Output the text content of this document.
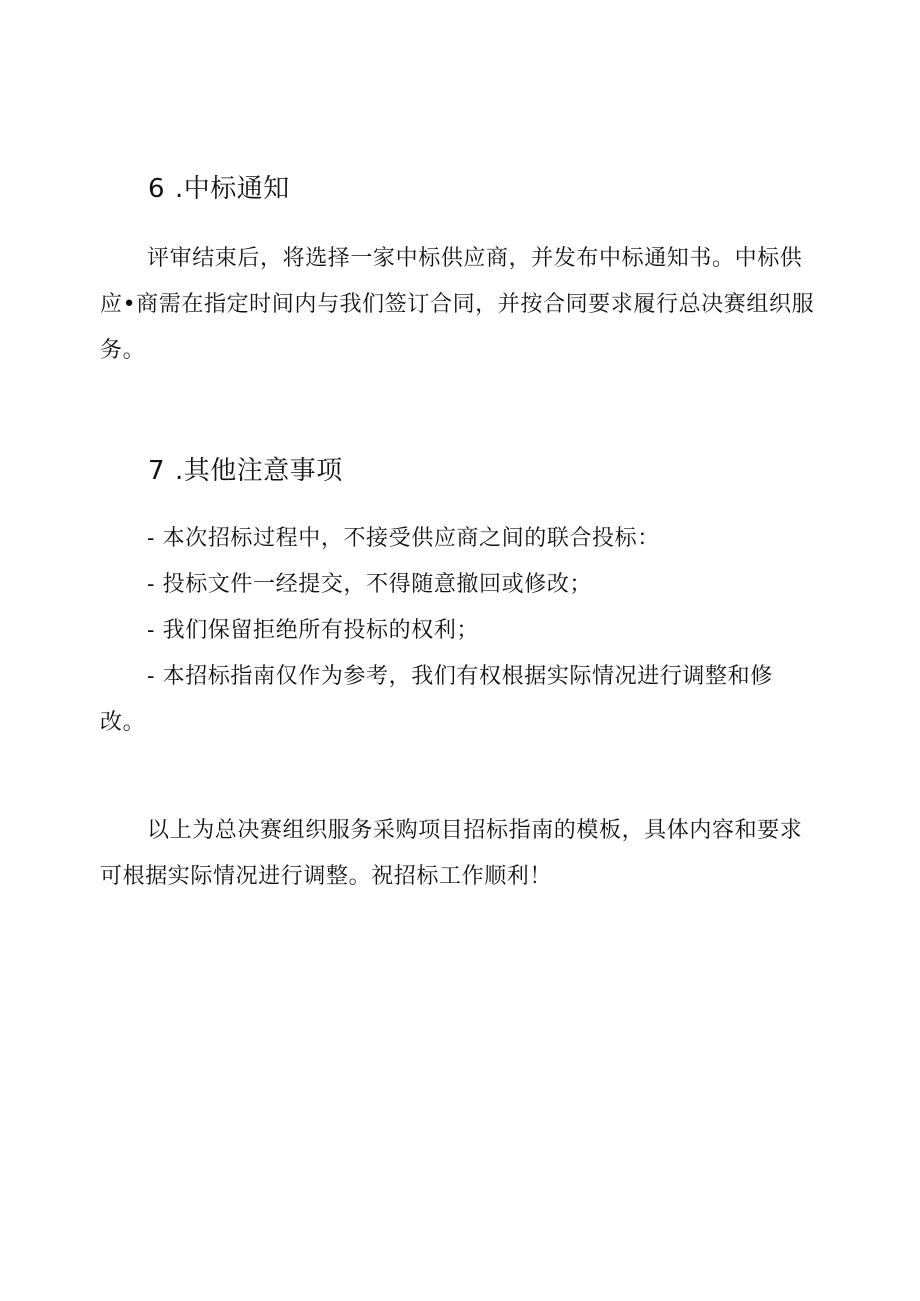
6 .中标通知

评审结束后，将选择一家中标供应商，并发布中标通知书。中标供
应•商需在指定时间内与我们签订合同，并按合同要求履行总决赛组织服
务。

7 .其他注意事项
- 本次招标过程中，不接受供应商之间的联合投标：
- 投标文件一经提交，不得随意撤回或修改；
- 我们保留拒绝所有投标的权利；
- 本招标指南仅作为参考，我们有权根据实际情况进行调整和修
改。

以上为总决赛组织服务采购项目招标指南的模板，具体内容和要求
可根据实际情况进行调整。祝招标工作顺利！
